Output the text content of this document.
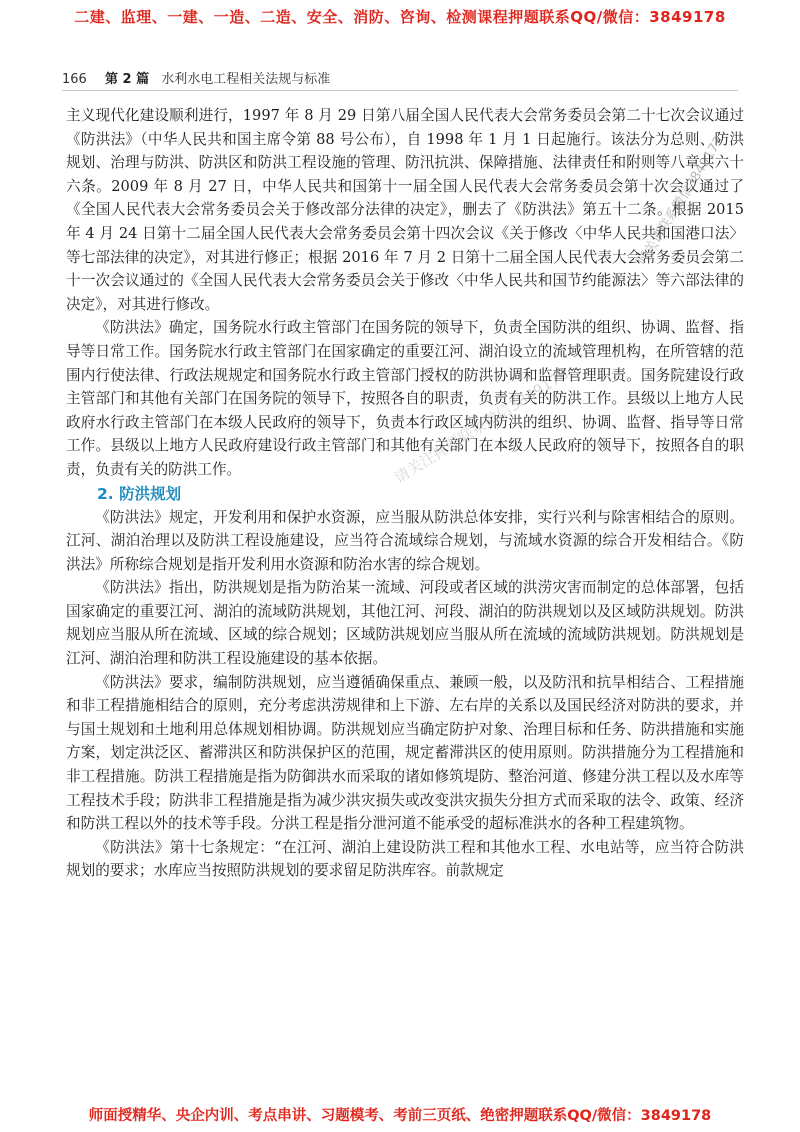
二建、监理、一建、一造、二造、安全、消防、咨询、检测课程押题联系QQ/微信：3849178
166 第 2 篇 水利水电工程相关法规与标准

主义现代化建设顺利进行，1997 年 8 月 29 日第八届全国人民代表大会常务委员会第二十七次会议通过《防洪法》（中华人民共和国主席令第 88 号公布），自 1998 年 1 月 1 日起施行。该法分为总则、防洪规划、治理与防洪、防洪区和防洪工程设施的管理、防汛抗洪、保障措施、法律责任和附则等八章共六十六条。2009 年 8 月 27 日，中华人民共和国第十一届全国人民代表大会常务委员会第十次会议通过了《全国人民代表大会常务委员会关于修改部分法律的决定》，删去了《防洪法》第五十二条。根据 2015 年 4 月 24 日第十二届全国人民代表大会常务委员会第十四次会议《关于修改〈中华人民共和国港口法〉等七部法律的决定》，对其进行修正；根据 2016 年 7 月 2 日第十二届全国人民代表大会常务委员会第二十一次会议通过的《全国人民代表大会常务委员会关于修改〈中华人民共和国节约能源法〉等六部法律的决定》，对其进行修改。

《防洪法》确定，国务院水行政主管部门在国务院的领导下，负责全国防洪的组织、协调、监督、指导等日常工作。国务院水行政主管部门在国家确定的重要江河、湖泊设立的流域管理机构，在所管辖的范围内行使法律、行政法规规定和国务院水行政主管部门授权的防洪协调和监督管理职责。国务院建设行政主管部门和其他有关部门在国务院的领导下，按照各自的职责，负责有关的防洪工作。县级以上地方人民政府水行政主管部门在本级人民政府的领导下，负责本行政区域内防洪的组织、协调、监督、指导等日常工作。县级以上地方人民政府建设行政主管部门和其他有关部门在本级人民政府的领导下，按照各自的职责，负责有关的防洪工作。

2. 防洪规划

《防洪法》规定，开发利用和保护水资源，应当服从防洪总体安排，实行兴利与除害相结合的原则。江河、湖泊治理以及防洪工程设施建设，应当符合流域综合规划，与流域水资源的综合开发相结合。《防洪法》所称综合规划是指开发利用水资源和防治水害的综合规划。

《防洪法》指出，防洪规划是指为防治某一流域、河段或者区域的洪涝灾害而制定的总体部署，包括国家确定的重要江河、湖泊的流域防洪规划，其他江河、河段、湖泊的防洪规划以及区域防洪规划。防洪规划应当服从所在流域、区域的综合规划；区域防洪规划应当服从所在流域的流域防洪规划。防洪规划是江河、湖泊治理和防洪工程设施建设的基本依据。

《防洪法》要求，编制防洪规划，应当遵循确保重点、兼顾一般，以及防汛和抗旱相结合、工程措施和非工程措施相结合的原则，充分考虑洪涝规律和上下游、左右岸的关系以及国民经济对防洪的要求，并与国土规划和土地利用总体规划相协调。防洪规划应当确定防护对象、治理目标和任务、防洪措施和实施方案，划定洪泛区、蓄滞洪区和防洪保护区的范围，规定蓄滞洪区的使用原则。防洪措施分为工程措施和非工程措施。防洪工程措施是指为防御洪水而采取的诸如修筑堤防、整治河道、修建分洪工程以及水库等工程技术手段；防洪非工程措施是指为减少洪灾损失或改变洪灾损失分担方式而采取的法令、政策、经济和防洪工程以外的技术等手段。分洪工程是指分泄河道不能承受的超标准洪水的各种工程建筑物。

《防洪法》第十七条规定：“在江河、湖泊上建设防洪工程和其他水工程、水电站等，应当符合防洪规划的要求；水库应当按照防洪规划的要求留足防洪库容。前款规定

呼关请联系微信3849173
请关注押题联系微信3849178
师面授精华、央企内训、考点串讲、习题模考、考前三页纸、绝密押题联系QQ/微信：3849178
